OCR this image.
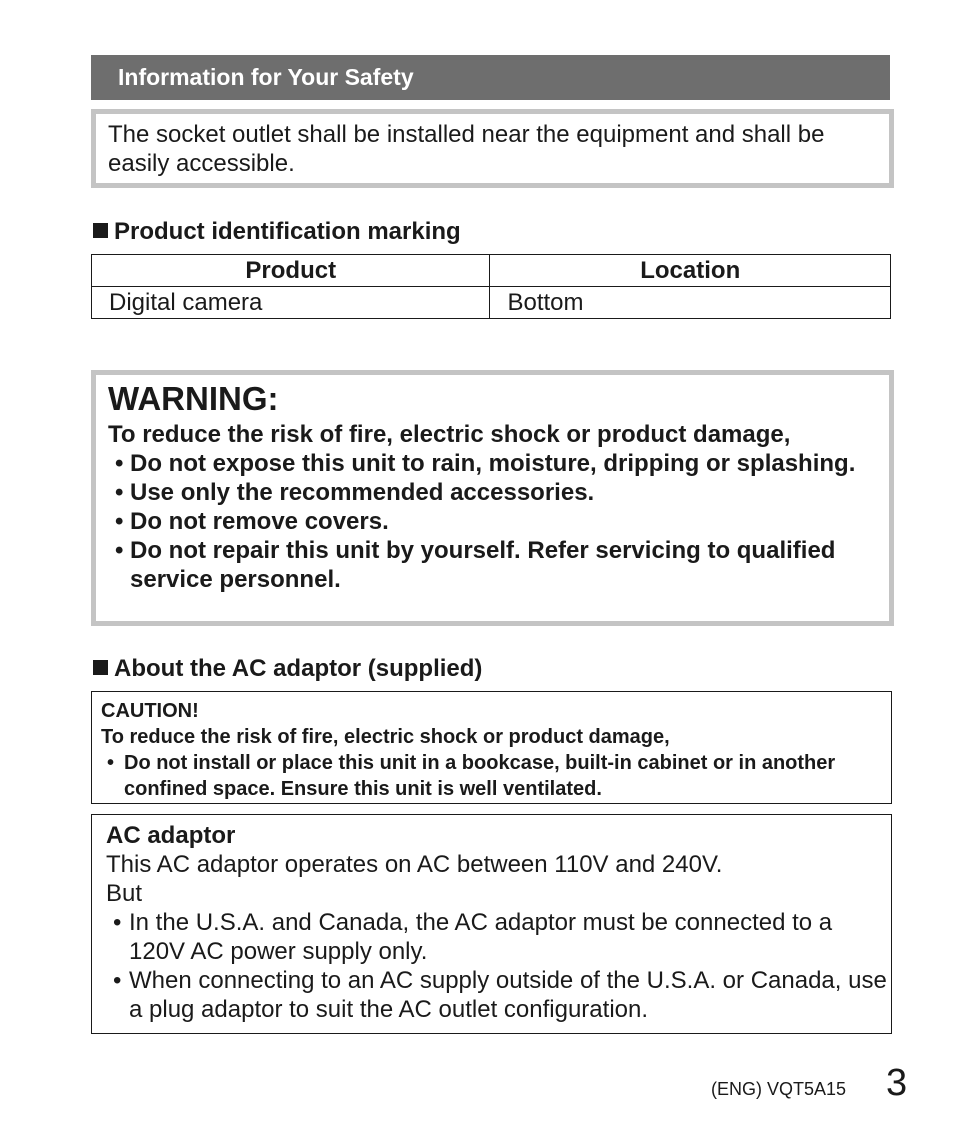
Information for Your Safety
The socket outlet shall be installed near the equipment and shall be easily accessible.
Product identification marking
Product	Location
Digital camera	Bottom
WARNING:
To reduce the risk of fire, electric shock or product damage,
• Do not expose this unit to rain, moisture, dripping or splashing.
• Use only the recommended accessories.
• Do not remove covers.
• Do not repair this unit by yourself. Refer servicing to qualified service personnel.
About the AC adaptor (supplied)
CAUTION!
To reduce the risk of fire, electric shock or product damage,
• Do not install or place this unit in a bookcase, built-in cabinet or in another confined space. Ensure this unit is well ventilated.
AC adaptor
This AC adaptor operates on AC between 110V and 240V.
But
• In the U.S.A. and Canada, the AC adaptor must be connected to a 120V AC power supply only.
• When connecting to an AC supply outside of the U.S.A. or Canada, use a plug adaptor to suit the AC outlet configuration.
(ENG) VQT5A15 3
